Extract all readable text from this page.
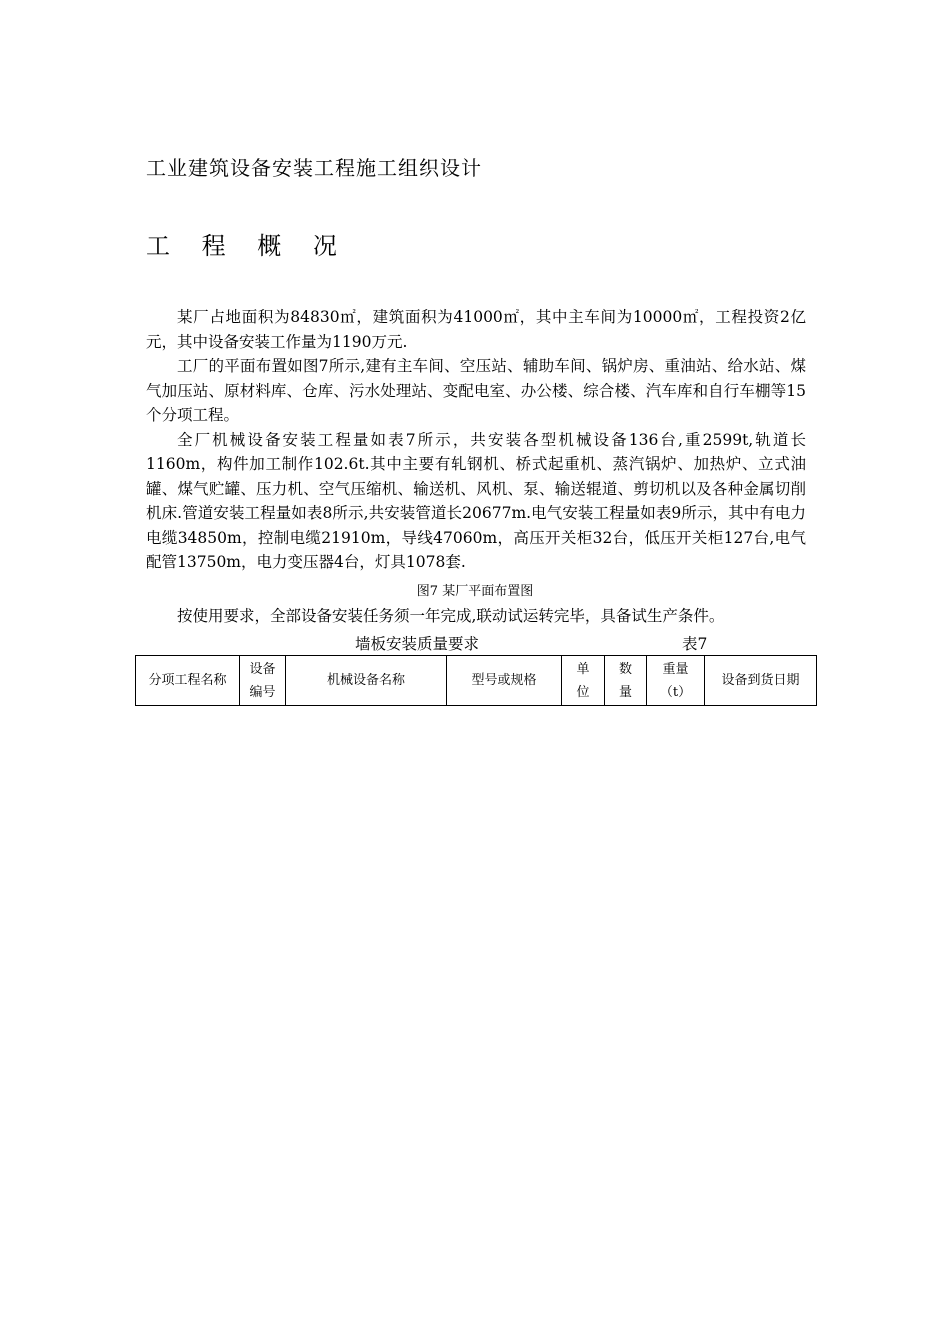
工业建筑设备安装工程施工组织设计
工 程 概 况

某厂占地面积为84830㎡，建筑面积为41000㎡，其中主车间为10000㎡，工程投资2亿元，其中设备安装工作量为1190万元.

工厂的平面布置如图7所示,建有主车间、空压站、辅助车间、锅炉房、重油站、给水站、煤气加压站、原材料库、仓库、污水处理站、变配电室、办公楼、综合楼、汽车库和自行车棚等15个分项工程。

全厂机械设备安装工程量如表7所示，共安装各型机械设备136台,重2599t,轨道长1160m，构件加工制作102.6t.其中主要有轧钢机、桥式起重机、蒸汽锅炉、加热炉、立式油罐、煤气贮罐、压力机、空气压缩机、输送机、风机、泵、输送辊道、剪切机以及各种金属切削机床.管道安装工程量如表8所示,共安装管道长20677m.电气安装工程量如表9所示，其中有电力电缆34850m，控制电缆21910m，导线47060m，高压开关柜32台，低压开关柜127台,电气配管13750m，电力变压器4台，灯具1078套.

图7 某厂平面布置图
按使用要求，全部设备安装任务须一年完成,联动试运转完毕，具备试生产条件。
墙板安装质量要求	表7
分项工程名称	设备编号	机械设备名称	型号或规格	单位	数量	重量（t）	设备到货日期
